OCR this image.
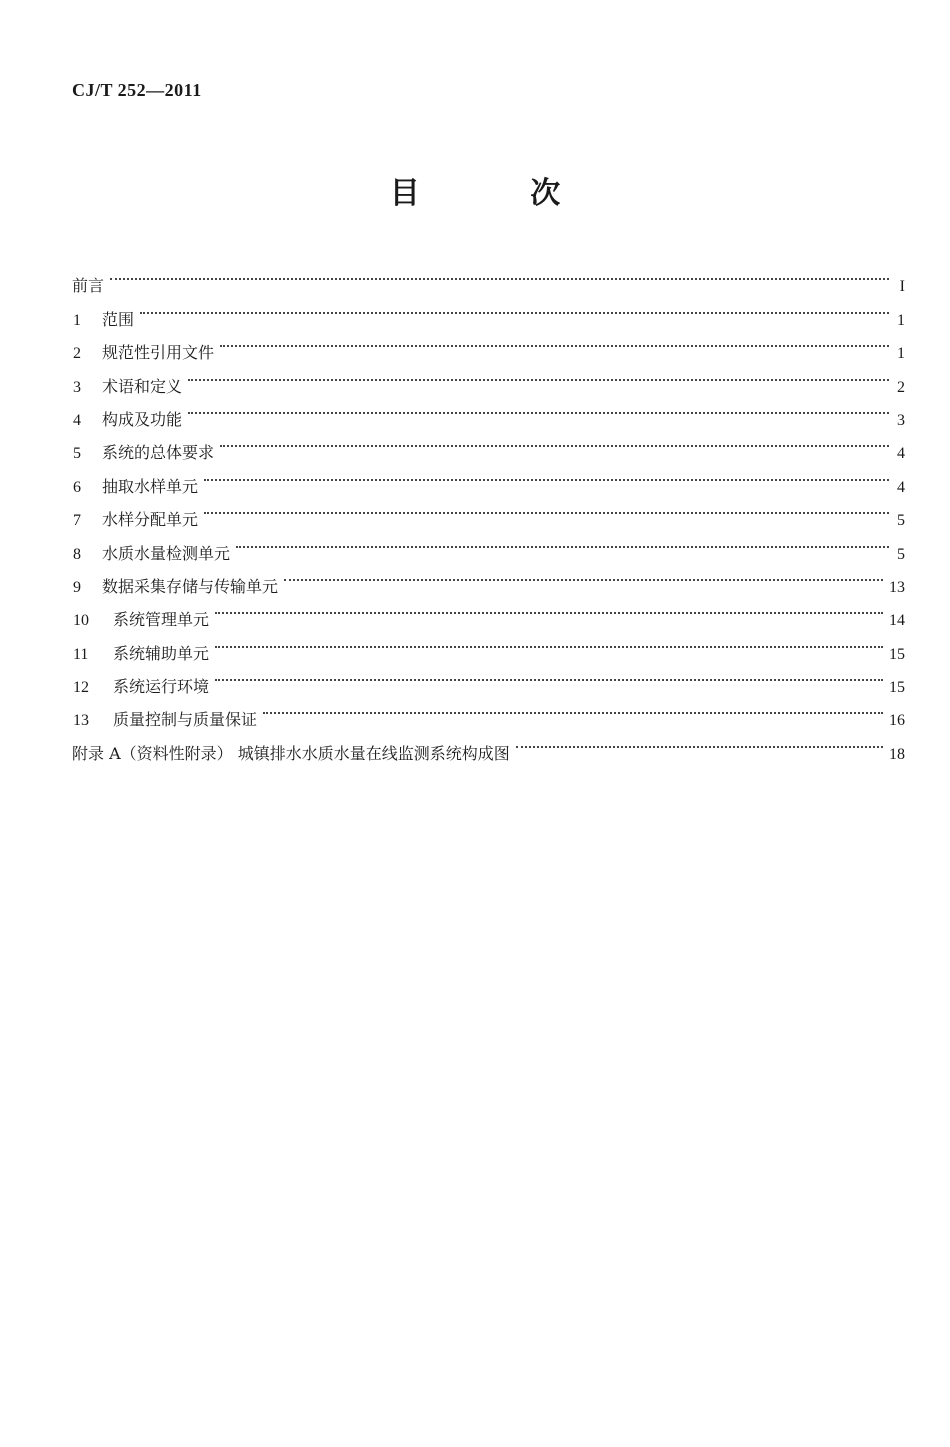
CJ/T 252—2011
目 次
前言	I
1	范围	1
2	规范性引用文件	1
3	术语和定义	2
4	构成及功能	3
5	系统的总体要求	4
6	抽取水样单元	4
7	水样分配单元	5
8	水质水量检测单元	5
9	数据采集存储与传输单元	13
10	系统管理单元	14
11	系统辅助单元	15
12	系统运行环境	15
13	质量控制与质量保证	16
附录 A（资料性附录） 城镇排水水质水量在线监测系统构成图	18
